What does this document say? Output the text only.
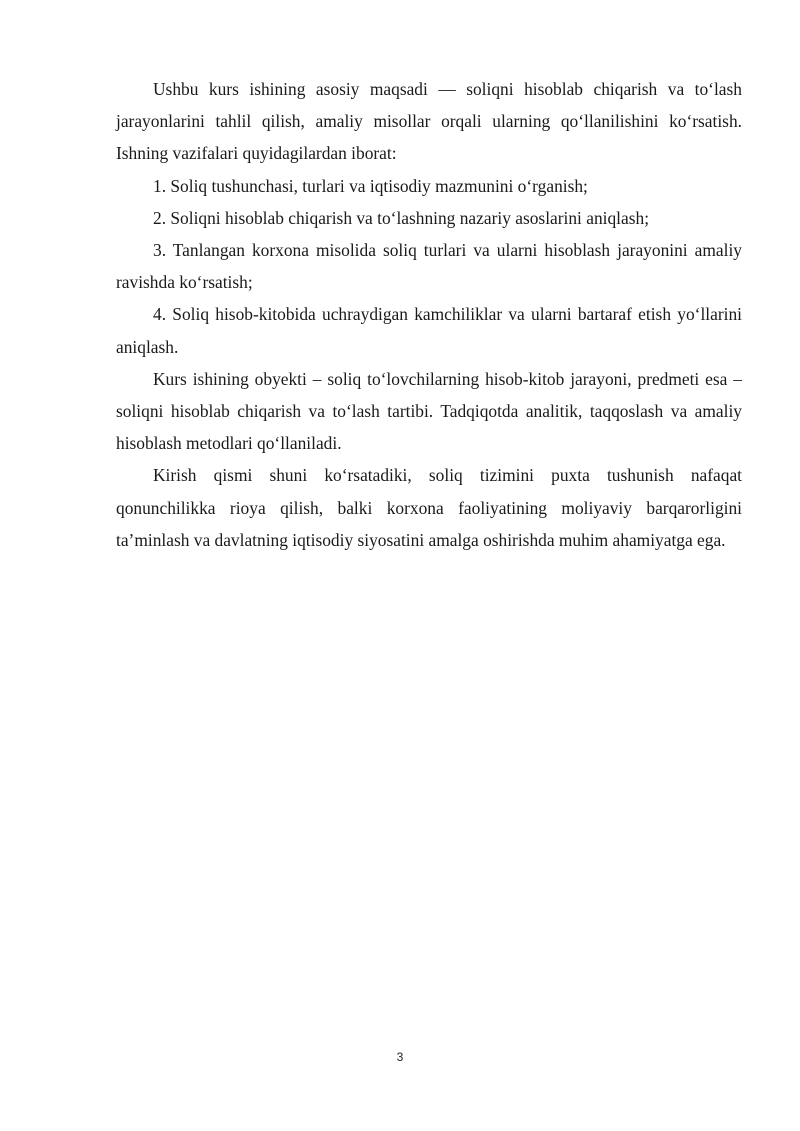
Ushbu kurs ishining asosiy maqsadi — soliqni hisoblab chiqarish va to‘lash jarayonlarini tahlil qilish, amaliy misollar orqali ularning qo‘llanilishini ko‘rsatish. Ishning vazifalari quyidagilardan iborat:

1. Soliq tushunchasi, turlari va iqtisodiy mazmunini o‘rganish;

2. Soliqni hisoblab chiqarish va to‘lashning nazariy asoslarini aniqlash;

3. Tanlangan korxona misolida soliq turlari va ularni hisoblash jarayonini amaliy ravishda ko‘rsatish;

4. Soliq hisob-kitobida uchraydigan kamchiliklar va ularni bartaraf etish yo‘llarini aniqlash.

Kurs ishining obyekti – soliq to‘lovchilarning hisob-kitob jarayoni, predmeti esa – soliqni hisoblab chiqarish va to‘lash tartibi. Tadqiqotda analitik, taqqoslash va amaliy hisoblash metodlari qo‘llaniladi.

Kirish qismi shuni ko‘rsatadiki, soliq tizimini puxta tushunish nafaqat qonunchilikka rioya qilish, balki korxona faoliyatining moliyaviy barqarorligini ta’minlash va davlatning iqtisodiy siyosatini amalga oshirishda muhim ahamiyatga ega.

3
